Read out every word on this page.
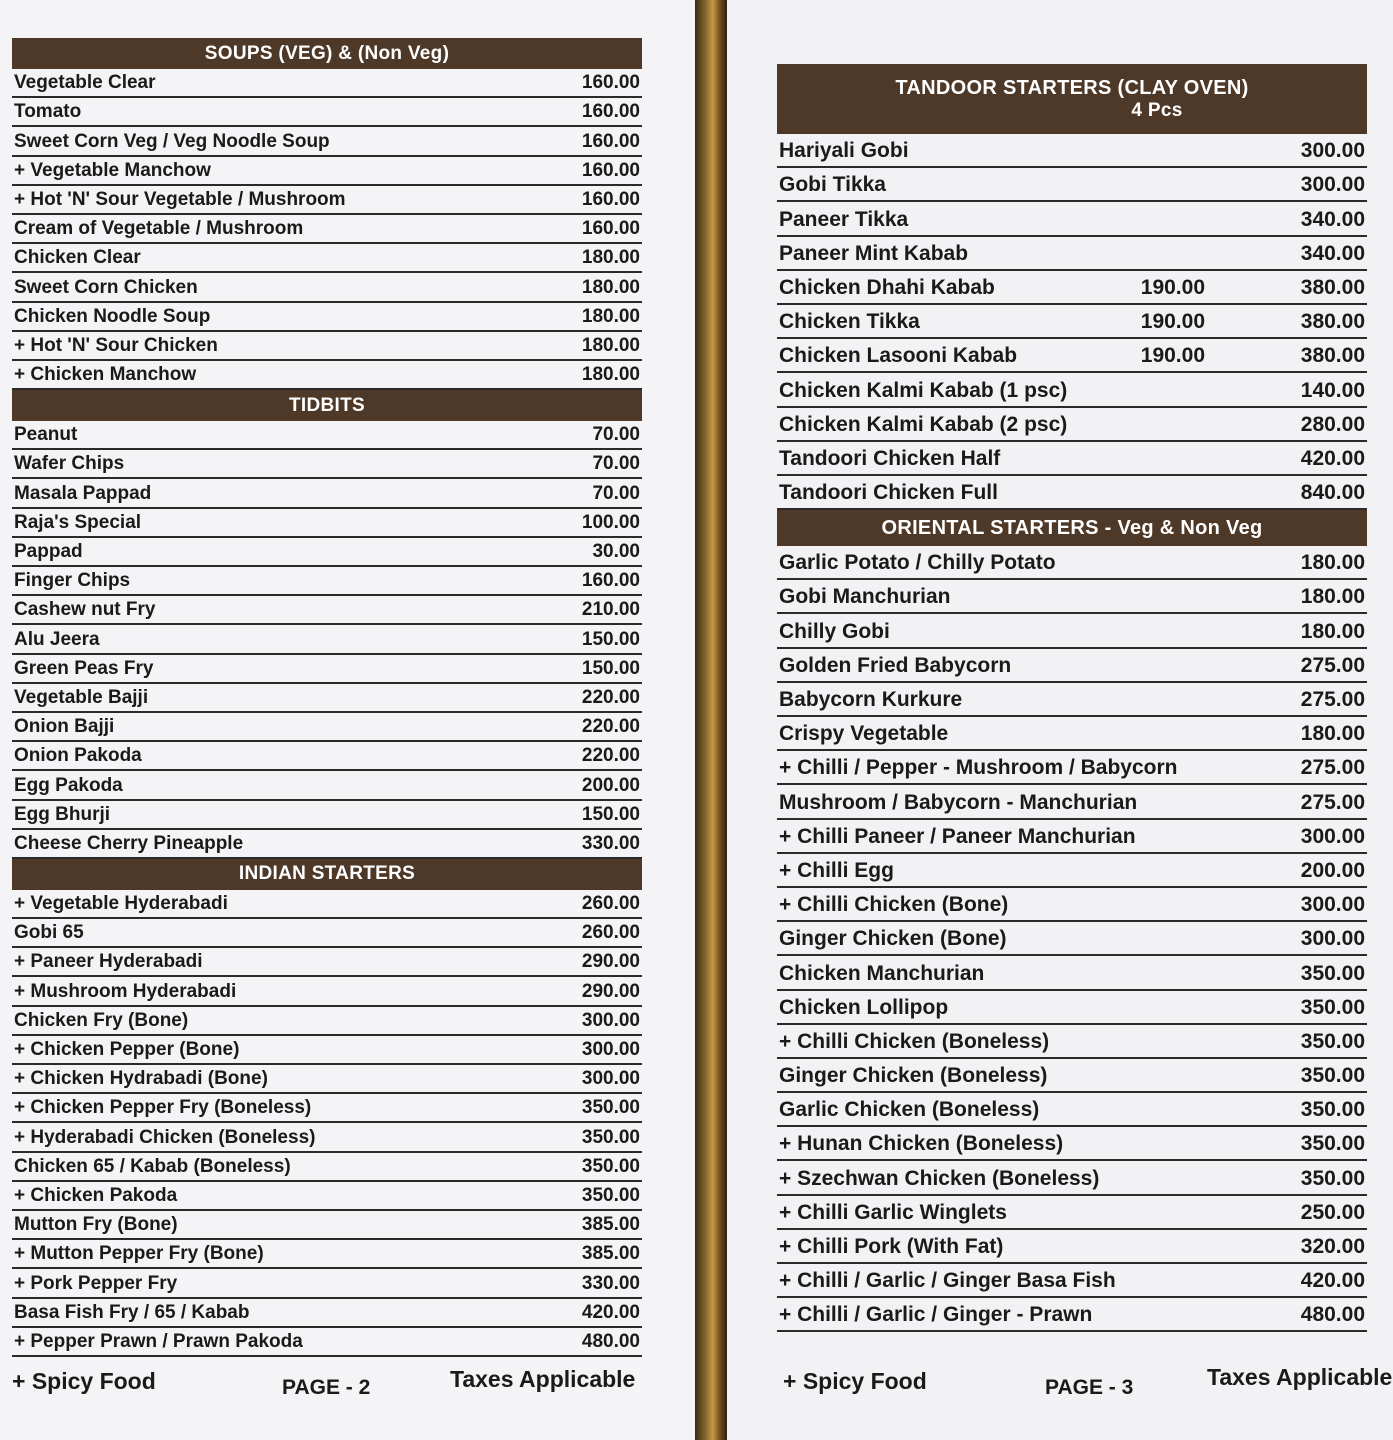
SOUPS (VEG) & (Non Veg)
Vegetable Clear	160.00
Tomato	160.00
Sweet Corn Veg / Veg Noodle Soup	160.00
+ Vegetable Manchow	160.00
+ Hot 'N' Sour Vegetable / Mushroom	160.00
Cream of Vegetable / Mushroom	160.00
Chicken Clear	180.00
Sweet Corn Chicken	180.00
Chicken Noodle Soup	180.00
+ Hot 'N' Sour Chicken	180.00
+ Chicken Manchow	180.00
TIDBITS
Peanut	70.00
Wafer Chips	70.00
Masala Pappad	70.00
Raja's Special	100.00
Pappad	30.00
Finger Chips	160.00
Cashew nut Fry	210.00
Alu Jeera	150.00
Green Peas Fry	150.00
Vegetable Bajji	220.00
Onion Bajji	220.00
Onion Pakoda	220.00
Egg Pakoda	200.00
Egg Bhurji	150.00
Cheese Cherry Pineapple	330.00
INDIAN STARTERS
+ Vegetable Hyderabadi	260.00
Gobi 65	260.00
+ Paneer Hyderabadi	290.00
+ Mushroom Hyderabadi	290.00
Chicken Fry (Bone)	300.00
+ Chicken Pepper (Bone)	300.00
+ Chicken Hydrabadi (Bone)	300.00
+ Chicken Pepper Fry (Boneless)	350.00
+ Hyderabadi Chicken (Boneless)	350.00
Chicken 65 / Kabab (Boneless)	350.00
+ Chicken Pakoda	350.00
Mutton Fry (Bone)	385.00
+ Mutton Pepper Fry (Bone)	385.00
+ Pork Pepper Fry	330.00
Basa Fish Fry / 65 / Kabab	420.00
+ Pepper Prawn / Prawn Pakoda	480.00
+ Spicy Food	PAGE - 2	Taxes Applicable	+ Spicy Food	PAGE - 3	Taxes Applicable
TANDOOR STARTERS (CLAY OVEN)
4 Pcs
Hariyali Gobi	300.00
Gobi Tikka	300.00
Paneer Tikka	340.00
Paneer Mint Kabab	340.00
Chicken Dhahi Kabab	190.00	380.00
Chicken Tikka	190.00	380.00
Chicken Lasooni Kabab	190.00	380.00
Chicken Kalmi Kabab (1 psc)	140.00
Chicken Kalmi Kabab (2 psc)	280.00
Tandoori Chicken Half	420.00
Tandoori Chicken Full	840.00
ORIENTAL STARTERS - Veg & Non Veg
Garlic Potato / Chilly Potato	180.00
Gobi Manchurian	180.00
Chilly Gobi	180.00
Golden Fried Babycorn	275.00
Babycorn Kurkure	275.00
Crispy Vegetable	180.00
+ Chilli / Pepper - Mushroom / Babycorn	275.00
Mushroom / Babycorn - Manchurian	275.00
+ Chilli Paneer / Paneer Manchurian	300.00
+ Chilli Egg	200.00
+ Chilli Chicken (Bone)	300.00
Ginger Chicken (Bone)	300.00
Chicken Manchurian	350.00
Chicken Lollipop	350.00
+ Chilli Chicken (Boneless)	350.00
Ginger Chicken (Boneless)	350.00
Garlic Chicken (Boneless)	350.00
+ Hunan Chicken (Boneless)	350.00
+ Szechwan Chicken (Boneless)	350.00
+ Chilli Garlic Winglets	250.00
+ Chilli Pork (With Fat)	320.00
+ Chilli / Garlic / Ginger Basa Fish	420.00
+ Chilli / Garlic / Ginger - Prawn	480.00
